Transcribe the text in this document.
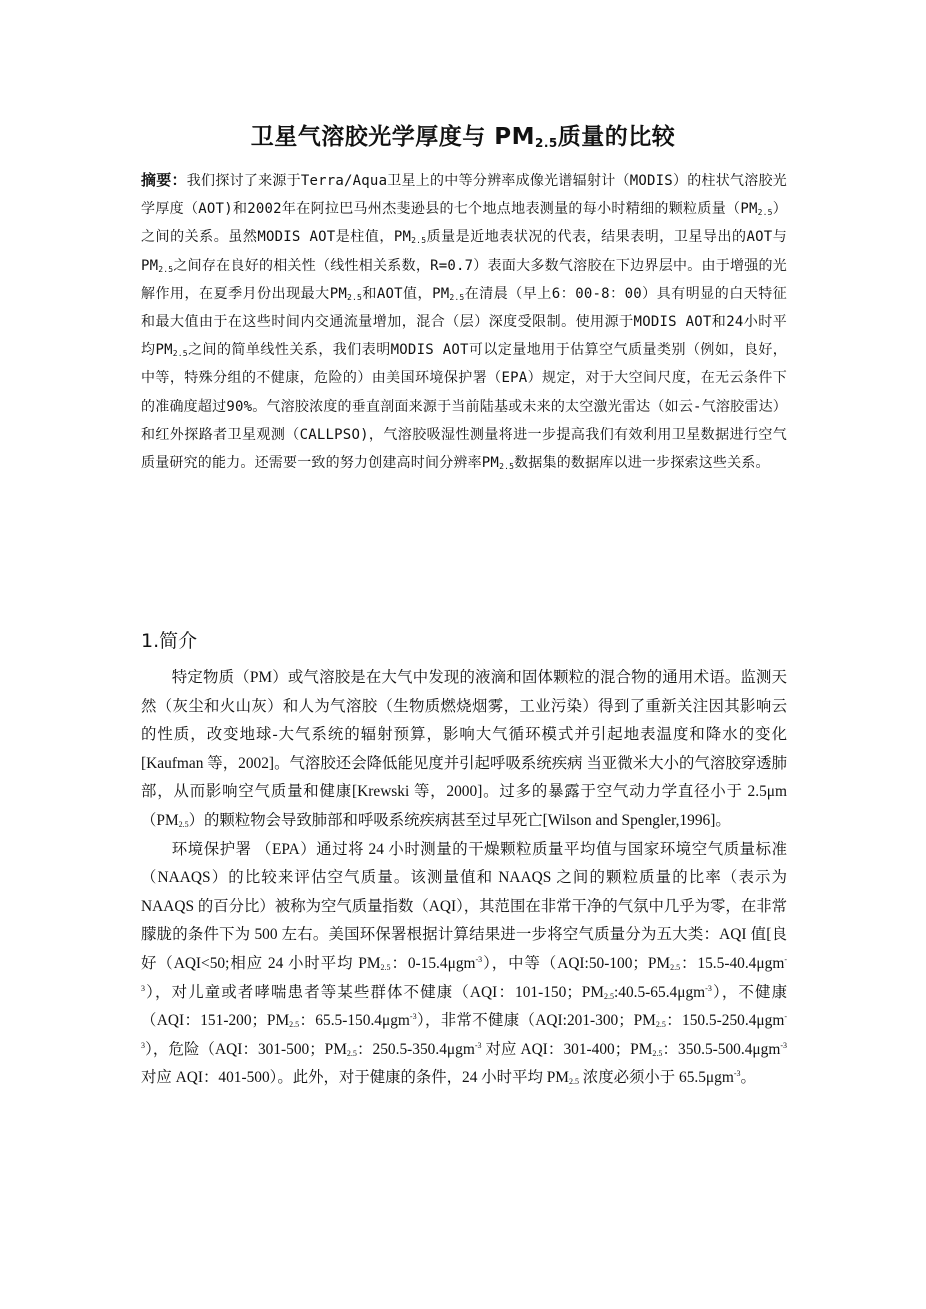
卫星气溶胶光学厚度与 $PM_{2.5}$质量的比较
摘要：我们探讨了来源于Terra/Aqua卫星上的中等分辨率成像光谱辐射计（MODIS）的柱状气溶胶光学厚度（AOT)和2002年在阿拉巴马州杰斐逊县的七个地点地表测量的每小时精细的颗粒质量$(PM_{2.5})$之间的关系。虽然MODIS AOT是柱值，$PM_{2.5}$质量是近地表状况的代表，结果表明，卫星导出的AOT与$PM_{2.5}$之间存在良好的相关性（线性相关系数，R=0.7）表面大多数气溶胶在下边界层中。由于增强的光解作用，在夏季月份出现最大$PM_{2.5}$和AOT值，$PM_{2.5}$在清晨（早上6：00-8：00）具有明显的白天特征和最大值由于在这些时间内交通流量增加，混合（层）深度受限制。使用源于MODIS AOT和24小时平均$PM_{2.5}$之间的简单线性关系，我们表明MODIS AOT可以定量地用于估算空气质量类别（例如，良好，中等，特殊分组的不健康，危险的）由美国环境保护署（EPA）规定，对于大空间尺度，在无云条件下的准确度超过90%。气溶胶浓度的垂直剖面来源于当前陆基或未来的太空激光雷达（如云-气溶胶雷达）和红外探路者卫星观测（CALLPSO)，气溶胶吸湿性测量将进一步提高我们有效利用卫星数据进行空气质量研究的能力。还需要一致的努力创建高时间分辨率$PM_{2.5}$数据集的数据库以进一步探索这些关系。
1.简介

特定物质（PM）或气溶胶是在大气中发现的液滴和固体颗粒的混合物的通用术语。监测天然（灰尘和火山灰）和人为气溶胶（生物质燃烧烟雾，工业污染）得到了重新关注因其影响云的性质，改变地球-大气系统的辐射预算，影响大气循环模式并引起地表温度和降水的变化[Kaufman 等，2002]。气溶胶还会降低能见度并引起呼吸系统疾病 当亚微米大小的气溶胶穿透肺部，从而影响空气质量和健康[Krewski 等，2000]。过多的暴露于空气动力学直径小于 $2.5\mu m(PM_{2.5})$的颗粒物会导致肺部和呼吸系统疾病甚至过早死亡[Wilson and Spengler,1996]。

环境保护署 （EPA）通过将 24 小时测量的干燥颗粒质量平均值与国家环境空气质量标准（NAAQS）的比较来评估空气质量。该测量值和 NAAQS 之间的颗粒质量的比率（表示为 NAAQS 的百分比）被称为空气质量指数（AQI），其范围在非常干净的气氛中几乎为零，在非常朦胧的条件下为 500 左右。美国环保署根据计算结果进一步将空气质量分为五大类：AQI 值[良好（AQI<50;相应 24 小时平均 $PM_{2.5}$：0-15.4μgm$^{-3}$），中等（AQI:50-100；$PM_{2.5}$：15.5-40.4μgm$^{-3}$），对儿童或者哮喘患者等某些群体不健康（AQI：101-150；$PM_{2.5}:40.5-65.4\mu gm^{-3}$），不健康（AQI：151-200；$PM_{2.5}$：65.5-150.4μgm$^{-3}$），非常不健康（AQI:201-300；$PM_{2.5}$：150.5-250.4μgm$^{-3}$），危险（AQI：301-500；$PM_{2.5}$：250.5-350.4μgm$^{-3}$ 对应 AQI：301-400；$PM_{2.5}$：350.5-500.4μgm$^{-3}$ 对应 AQI：401-500）。此外，对于健康的条件，24 小时平均 $PM_{2.5}$ 浓度必须小于 65.5μgm$^{-3}$。
